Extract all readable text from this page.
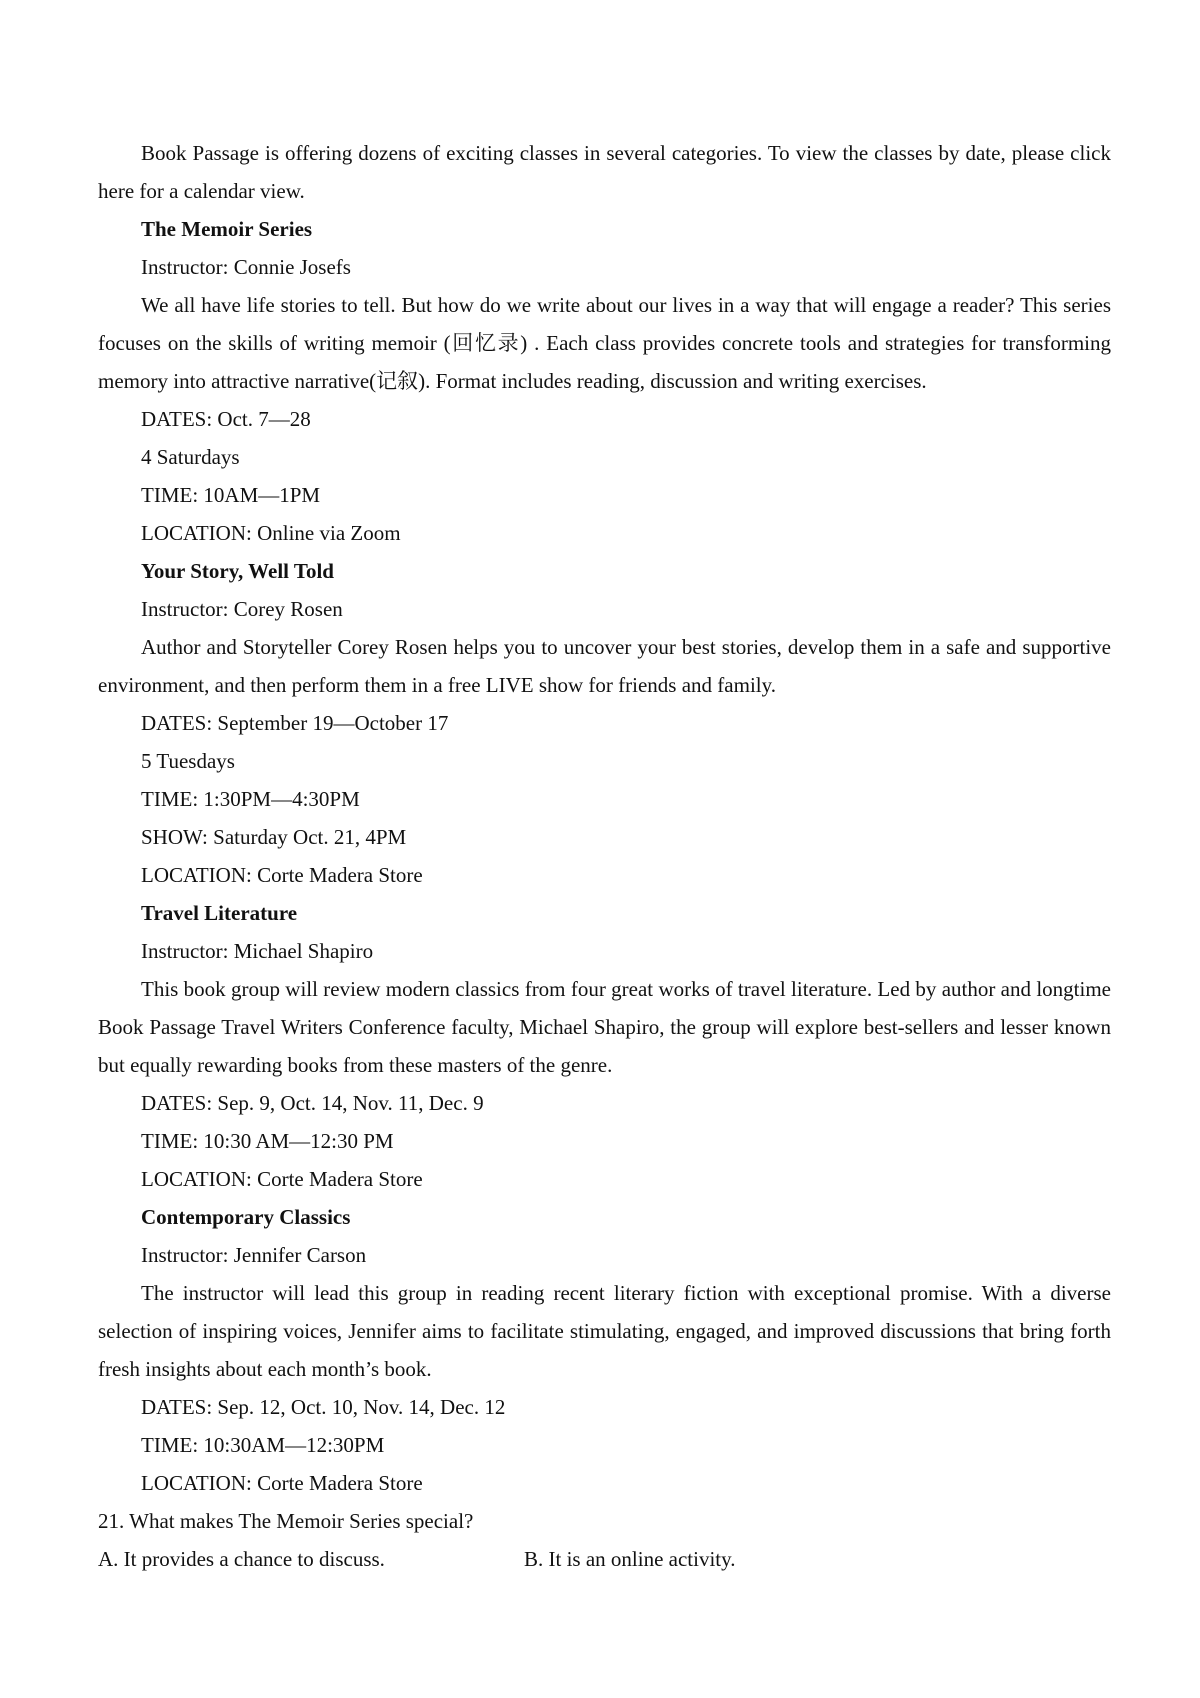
Book Passage is offering dozens of exciting classes in several categories. To view the classes by date, please click here for a calendar view.

The Memoir Series

Instructor: Connie Josefs

We all have life stories to tell. But how do we write about our lives in a way that will engage a reader? This series focuses on the skills of writing memoir (回忆录) . Each class provides concrete tools and strategies for transforming memory into attractive narrative(记叙). Format includes reading, discussion and writing exercises.

DATES: Oct. 7—28

4 Saturdays

TIME: 10AM—1PM

LOCATION: Online via Zoom

Your Story, Well Told

Instructor: Corey Rosen

Author and Storyteller Corey Rosen helps you to uncover your best stories, develop them in a safe and supportive environment, and then perform them in a free LIVE show for friends and family.

DATES: September 19—October 17

5 Tuesdays

TIME: 1:30PM—4:30PM

SHOW: Saturday Oct. 21, 4PM

LOCATION: Corte Madera Store

Travel Literature

Instructor: Michael Shapiro

This book group will review modern classics from four great works of travel literature. Led by author and longtime Book Passage Travel Writers Conference faculty, Michael Shapiro, the group will explore best-sellers and lesser known but equally rewarding books from these masters of the genre.

DATES: Sep. 9, Oct. 14, Nov. 11, Dec. 9

TIME: 10:30 AM—12:30 PM

LOCATION: Corte Madera Store

Contemporary Classics

Instructor: Jennifer Carson

The instructor will lead this group in reading recent literary fiction with exceptional promise. With a diverse selection of inspiring voices, Jennifer aims to facilitate stimulating, engaged, and improved discussions that bring forth fresh insights about each month’s book.

DATES: Sep. 12, Oct. 10, Nov. 14, Dec. 12

TIME: 10:30AM—12:30PM

LOCATION: Corte Madera Store

21. What makes The Memoir Series special?

A. It provides a chance to discuss.	B. It is an online activity.
